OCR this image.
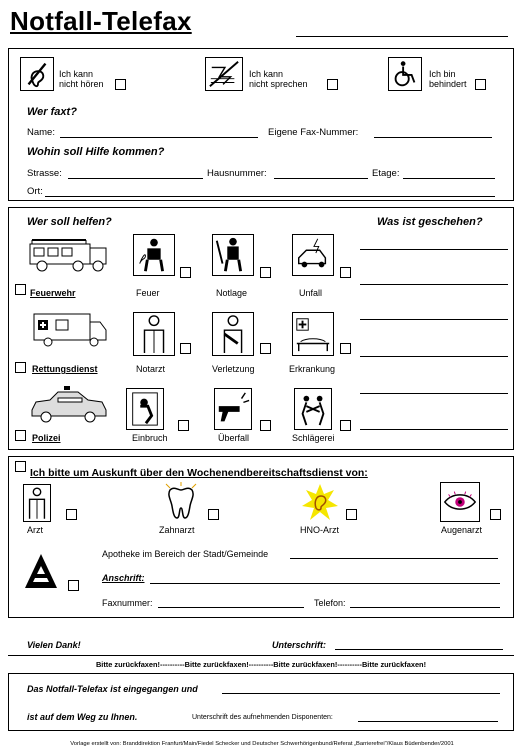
Notfall-Telefax
Ich kann
nicht hören
Ich kann
nicht sprechen
Ich bin
behindert
Wer faxt?
Name:	Eigene Fax-Nummer:
Wohin soll Hilfe kommen?
Strasse:	Hausnummer:	Etage:
Ort:
Wer soll helfen?	Was ist geschehen?
Feuerwehr	Feuer	Notlage	Unfall
Rettungsdienst	Notarzt	Verletzung	Erkrankung
Polizei	Einbruch	Überfall	Schlägerei
Ich bitte um Auskunft über den Wochenendbereitschaftsdienst von:
Arzt	Zahnarzt	HNO-Arzt	Augenarzt
Apotheke im Bereich der Stadt/Gemeinde
Anschrift:
Faxnummer:	Telefon:
Vielen Dank!	Unterschrift:
Bitte zurückfaxen!----------Bitte zurückfaxen!----------Bitte zurückfaxen!----------Bitte zurückfaxen!
Das Notfall-Telefax ist eingegangen und
ist auf dem Weg zu Ihnen.	Unterschrift des aufnehmenden Disponenten:
Vorlage erstellt von: Branddirektion Franfurt/Main/Fiedel Schecker und Deutscher Schwerhörigenbund/Referat „Barrierefrei"/Klaus Büdenbender/2001
